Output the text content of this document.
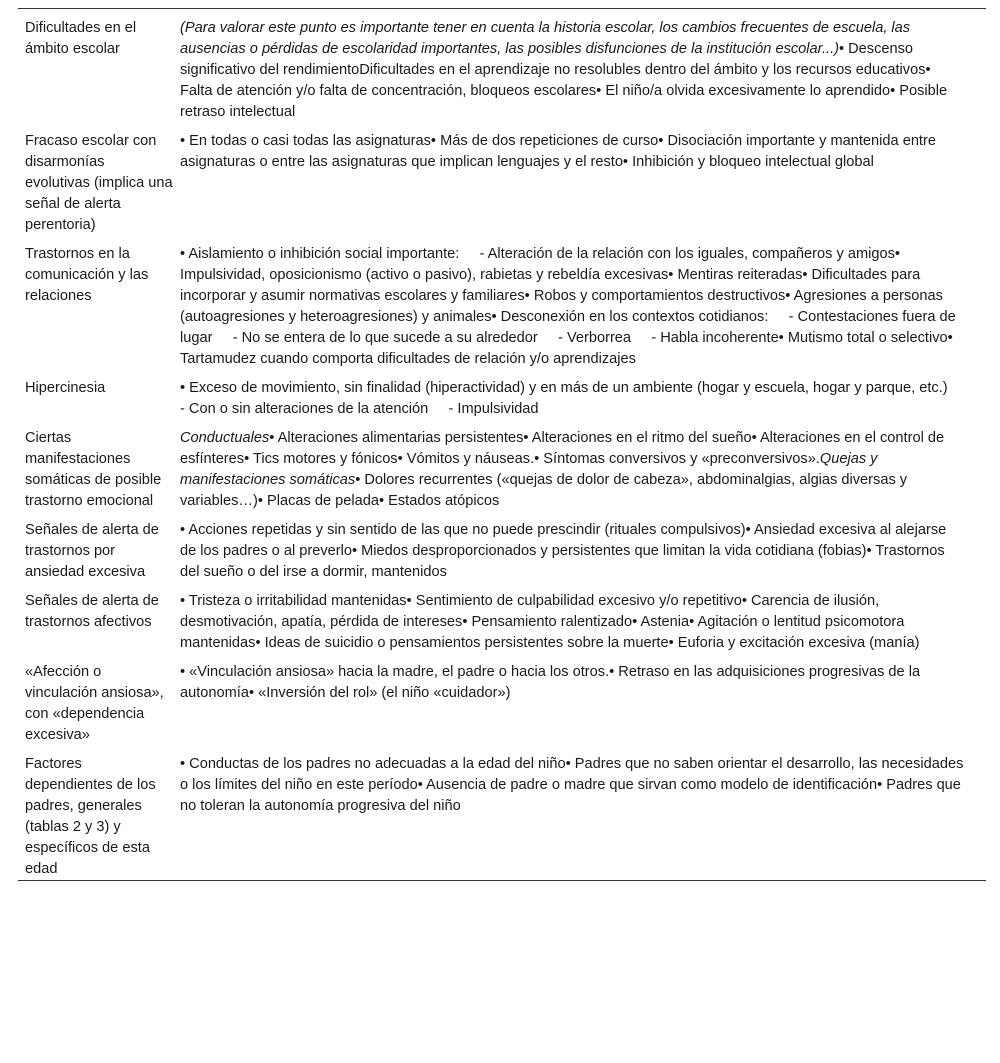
Dificultades en el ámbito escolar	(Para valorar este punto es importante tener en cuenta la historia escolar, los cambios frecuentes de escuela, las ausencias o pérdidas de escolaridad importantes, las posibles disfunciones de la institución escolar...)• Descenso significativo del rendimientoDificultades en el aprendizaje no resolubles dentro del ámbito y los recursos educativos• Falta de atención y/o falta de concentración, bloqueos escolares• El niño/a olvida excesivamente lo aprendido• Posible retraso intelectual
Fracaso escolar con disarmonías evolutivas (implica una señal de alerta perentoria)	• En todas o casi todas las asignaturas• Más de dos repeticiones de curso• Disociación importante y mantenida entre asignaturas o entre las asignaturas que implican lenguajes y el resto• Inhibición y bloqueo intelectual global
Trastornos en la comunicación y las relaciones	• Aislamiento o inhibición social importante:     - Alteración de la relación con los iguales, compañeros y amigos• Impulsividad, oposicionismo (activo o pasivo), rabietas y rebeldía excesivas• Mentiras reiteradas• Dificultades para incorporar y asumir normativas escolares y familiares• Robos y comportamientos destructivos• Agresiones a personas (autoagresiones y heteroagresiones) y animales• Desconexión en los contextos cotidianos:     - Contestaciones fuera de lugar     - No se entera de lo que sucede a su alrededor     - Verborrea     - Habla incoherente• Mutismo total o selectivo• Tartamudez cuando comporta dificultades de relación y/o aprendizajes
Hipercinesia	• Exceso de movimiento, sin finalidad (hiperactividad) y en más de un ambiente (hogar y escuela, hogar y parque, etc.)     - Con o sin alteraciones de la atención     - Impulsividad
Ciertas manifestaciones somáticas de posible trastorno emocional	Conductuales• Alteraciones alimentarias persistentes• Alteraciones en el ritmo del sueño• Alteraciones en el control de esfínteres• Tics motores y fónicos• Vómitos y náuseas.• Síntomas conversivos y «preconversivos».Quejas y manifestaciones somáticas• Dolores recurrentes («quejas de dolor de cabeza», abdominalgias, algias diversas y variables…)• Placas de pelada• Estados atópicos
Señales de alerta de trastornos por ansiedad excesiva	• Acciones repetidas y sin sentido de las que no puede prescindir (rituales compulsivos)• Ansiedad excesiva al alejarse de los padres o al preverlo• Miedos desproporcionados y persistentes que limitan la vida cotidiana (fobias)• Trastornos del sueño o del irse a dormir, mantenidos
Señales de alerta de trastornos afectivos	• Tristeza o irritabilidad mantenidas• Sentimiento de culpabilidad excesivo y/o repetitivo• Carencia de ilusión, desmotivación, apatía, pérdida de intereses• Pensamiento ralentizado• Astenia• Agitación o lentitud psicomotora mantenidas• Ideas de suicidio o pensamientos persistentes sobre la muerte• Euforia y excitación excesiva (manía)
«Afección o vinculación ansiosa», con «dependencia excesiva»	• «Vinculación ansiosa» hacia la madre, el padre o hacia los otros.• Retraso en las adquisiciones progresivas de la autonomía• «Inversión del rol» (el niño «cuidador»)
Factores dependientes de los padres, generales (tablas 2 y 3) y específicos de esta edad	• Conductas de los padres no adecuadas a la edad del niño• Padres que no saben orientar el desarrollo, las necesidades o los límites del niño en este período• Ausencia de padre o madre que sirvan como modelo de identificación• Padres que no toleran la autonomía progresiva del niño
